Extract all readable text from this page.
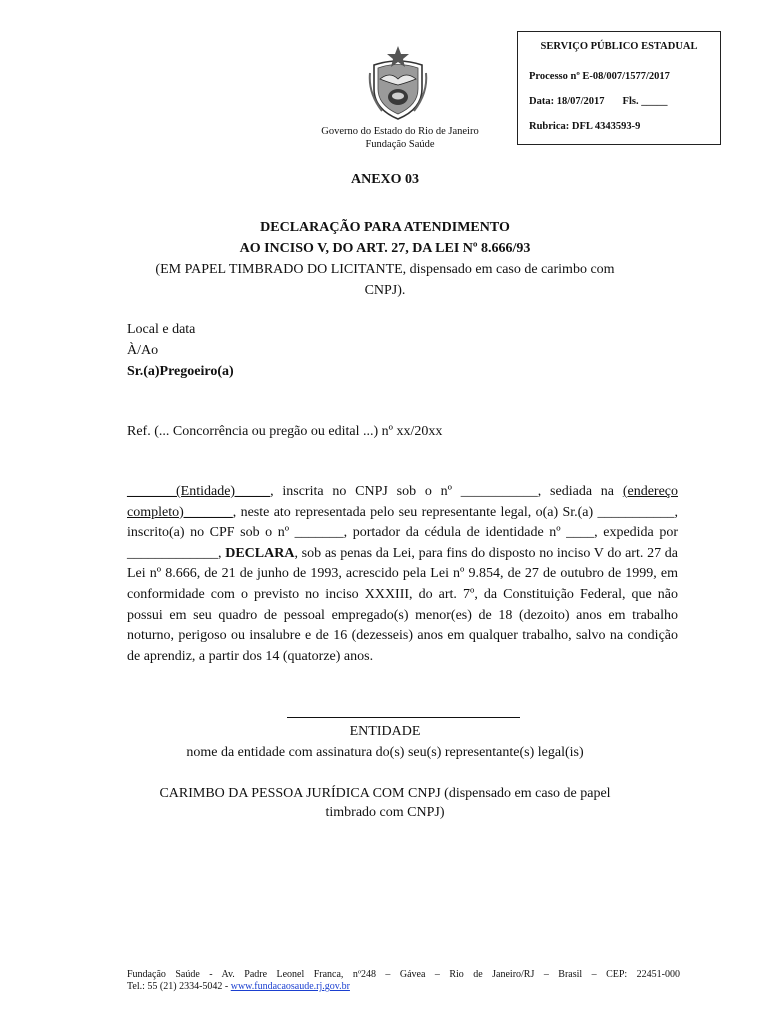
SERVIÇO PÚBLICO ESTADUAL
Processo nº E-08/007/1577/2017
Data: 18/07/2017 Fls. _____
Rubrica: DFL 4343593-9
Governo do Estado do Rio de Janeiro
Fundação Saúde
ANEXO 03
DECLARAÇÃO PARA ATENDIMENTO
AO INCISO V, DO ART. 27, DA LEI Nº 8.666/93
(EM PAPEL TIMBRADO DO LICITANTE, dispensado em caso de carimbo com
CNPJ).
Local e data
À/Ao
Sr.(a)Pregoeiro(a)
Ref. (... Concorrência ou pregão ou edital ...) nº xx/20xx
_______(Entidade)_____, inscrita no CNPJ sob o nº ___________, sediada na (endereço completo)_______, neste ato representada pelo seu representante legal, o(a) Sr.(a) ___________, inscrito(a) no CPF sob o nº _______, portador da cédula de identidade nº ____, expedida por _____________, DECLARA, sob as penas da Lei, para fins do disposto no inciso V do art. 27 da Lei nº 8.666, de 21 de junho de 1993, acrescido pela Lei nº 9.854, de 27 de outubro de 1999, em conformidade com o previsto no inciso XXXIII, do art. 7º, da Constituição Federal, que não possui em seu quadro de pessoal empregado(s) menor(es) de 18 (dezoito) anos em trabalho noturno, perigoso ou insalubre e de 16 (dezesseis) anos em qualquer trabalho, salvo na condição de aprendiz, a partir dos 14 (quatorze) anos.
ENTIDADE
nome da entidade com assinatura do(s) seu(s) representante(s) legal(is)
CARIMBO DA PESSOA JURÍDICA COM CNPJ (dispensado em caso de papel
timbrado com CNPJ)
Fundação Saúde - Av. Padre Leonel Franca, nº248 – Gávea – Rio de Janeiro/RJ – Brasil – CEP: 22451-000
Tel.: 55 (21) 2334-5042 - www.fundacaosaude.rj.gov.br
